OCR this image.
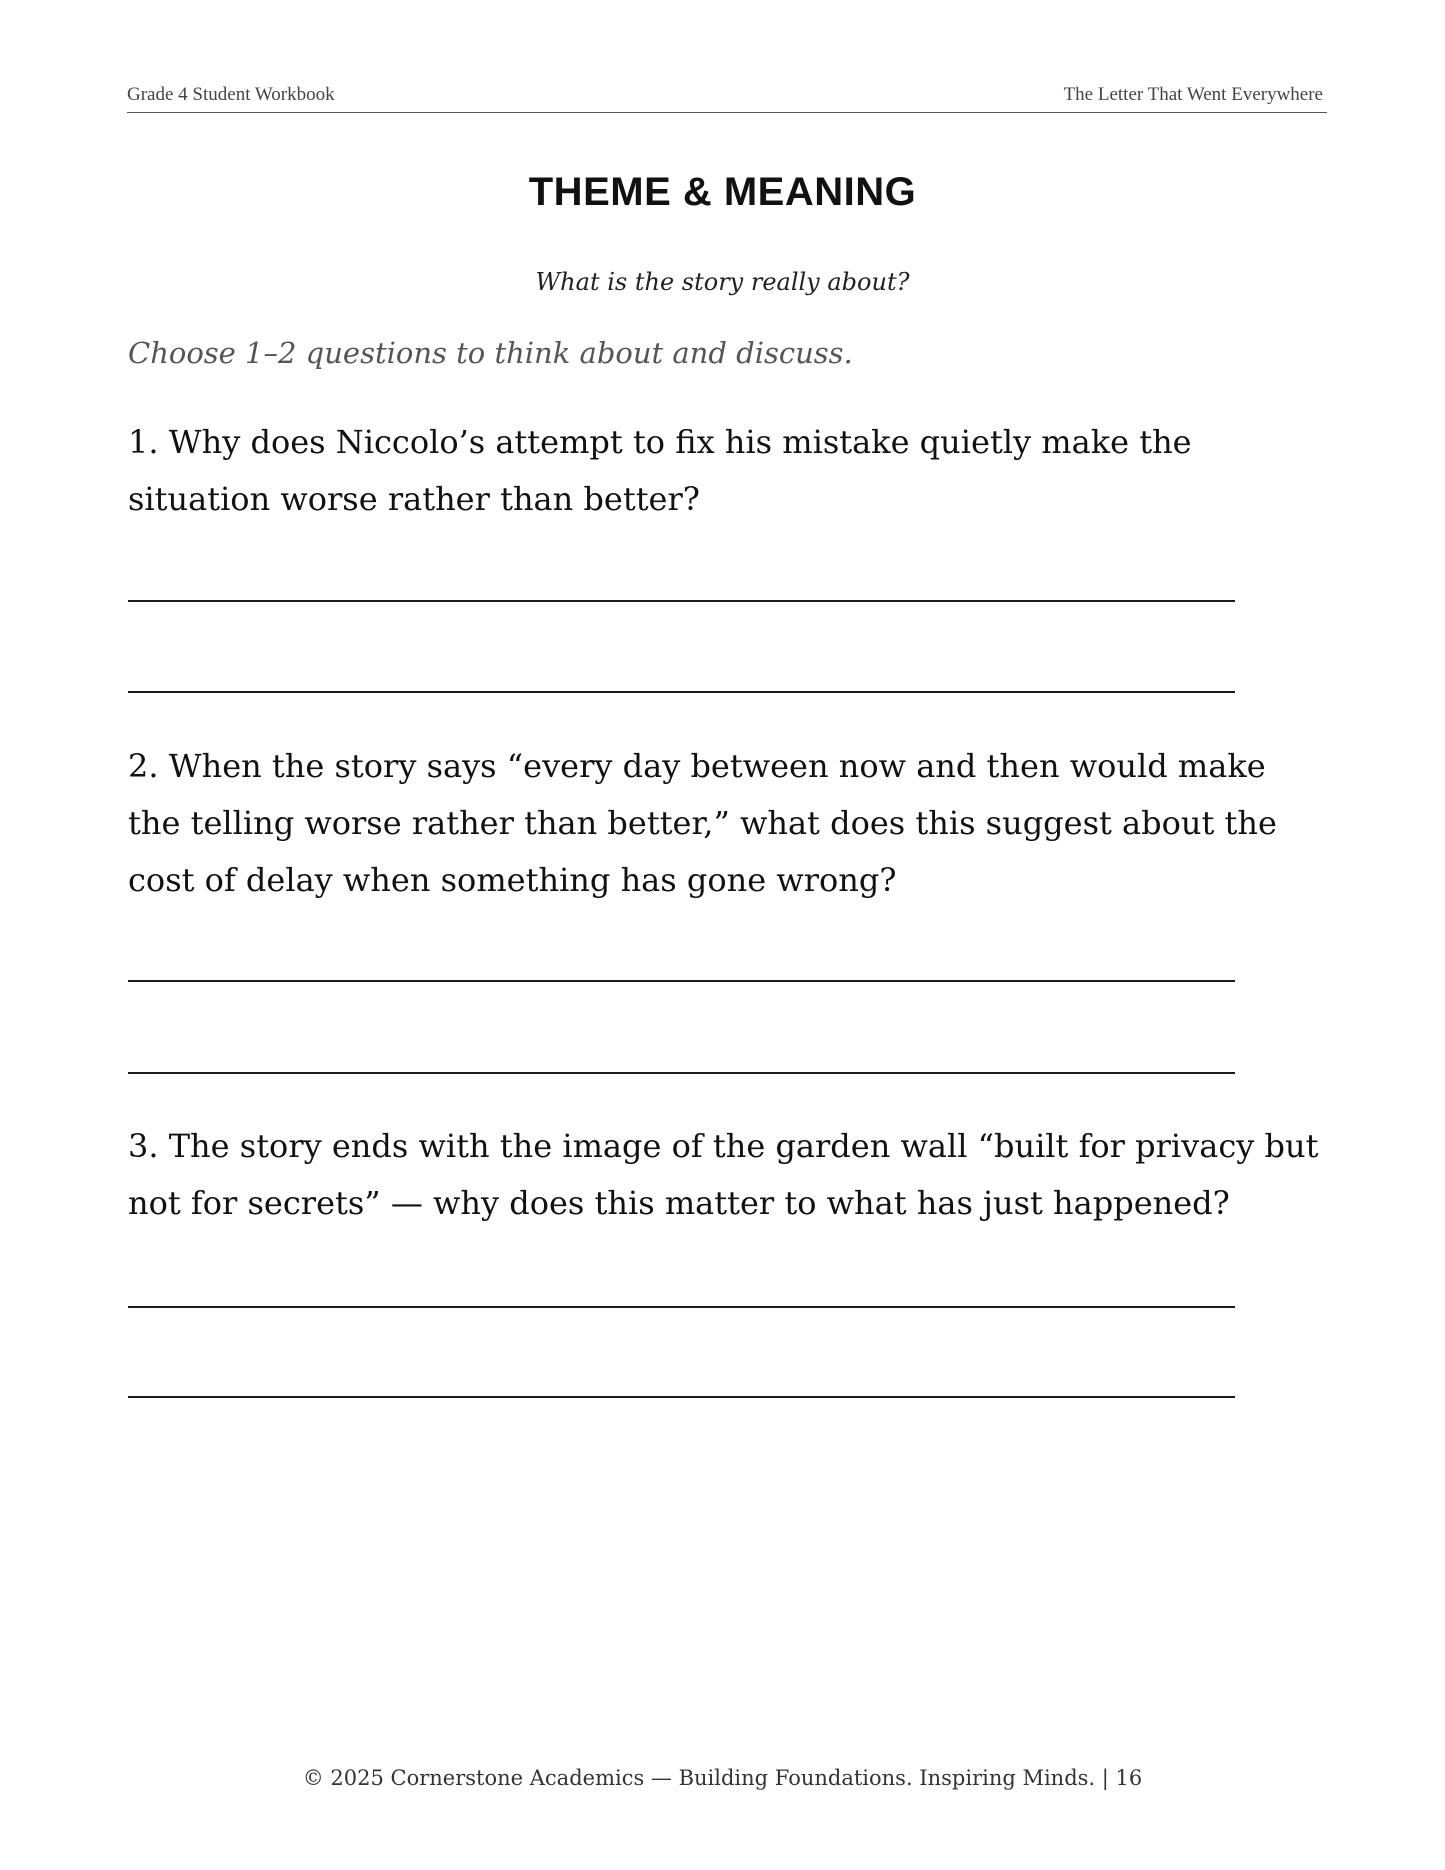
Grade 4 Student Workbook	The Letter That Went Everywhere
THEME & MEANING
What is the story really about?
Choose 1–2 questions to think about and discuss.
1. Why does Niccolo’s attempt to fix his mistake quietly make the situation worse rather than better?
2. When the story says “every day between now and then would make the telling worse rather than better,” what does this suggest about the cost of delay when something has gone wrong?
3. The story ends with the image of the garden wall “built for privacy but not for secrets” — why does this matter to what has just happened?
© 2025 Cornerstone Academics — Building Foundations. Inspiring Minds. | 16
